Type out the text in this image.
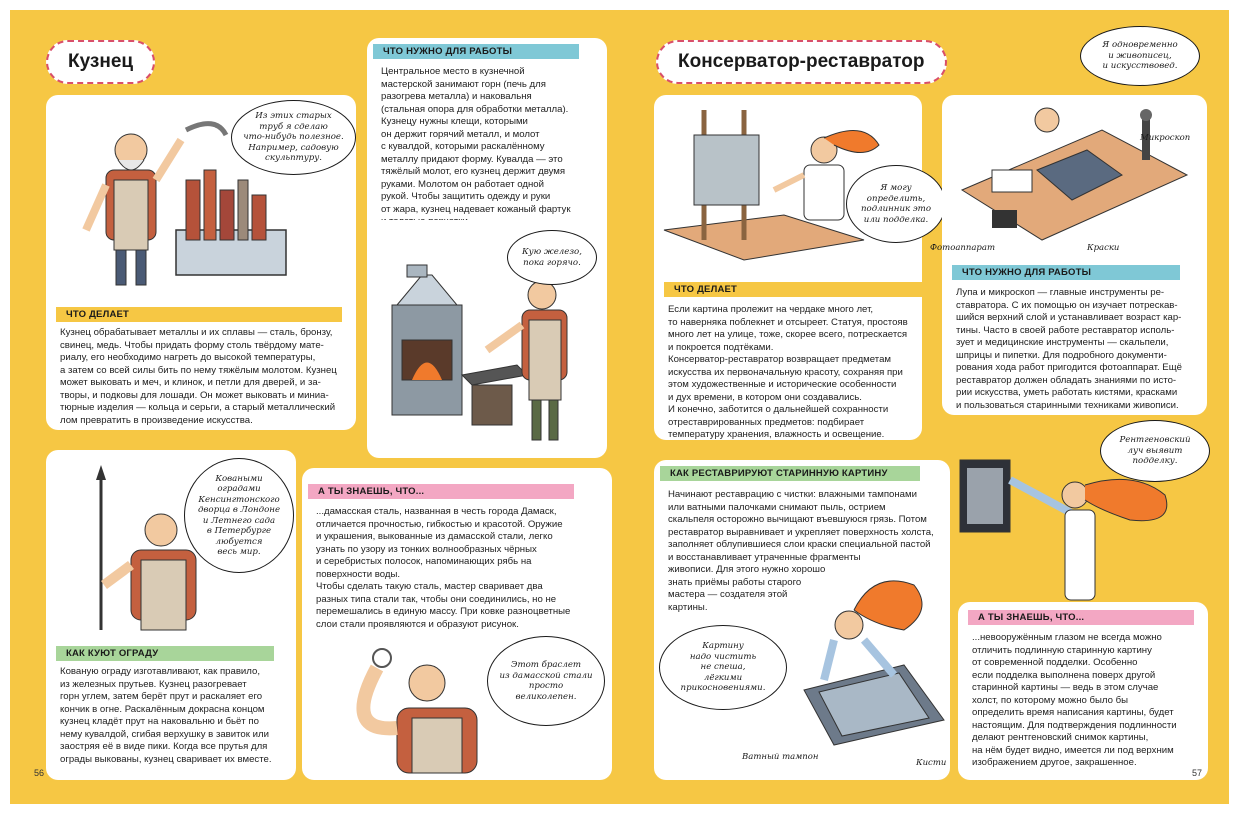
Кузнец	ЧТО НУЖНО ДЛЯ РАБОТЫ
Центральное место в кузнечной
мастерской занимают горн (печь для
разогрева металла) и наковальня
(стальная опора для обработки металла).
Кузнецу нужны клещи, которыми
он держит горячий металл, и молот
с кувалдой, которыми раскалённому
металлу придают форму. Кувалда — это
тяжёлый молот, его кузнец держит двумя
руками. Молотом он работает одной
рукой. Чтобы защитить одежду и руки
от жара, кузнец надевает кожаный фартук

Из этих старых
труб я сделаю
что-нибудь полезное.
Например, садовую
скульптуру.
ЧТО ДЕЛАЕТ
Кузнец обрабатывает металлы и их сплавы — сталь, бронзу,
свинец, медь. Чтобы придать форму столь твёрдому мате-
риалу, его необходимо нагреть до высокой температуры,
а затем со всей силы бить по нему тяжёлым молотом. Кузнец
может выковать и меч, и клинок, и петли для дверей, и за-
творы, и подковы для лошади. Он может выковать и миниа-
тюрные изделия — кольца и серьги, а старый металлический
лом превратить в произведение искусства.
Кую железо,
пока горячо.
Коваными
оградами
Кенсингтонского
дворца в Лондоне
и Летнего сада
в Петербурге
любуется
весь мир.
КАК КУЮТ ОГРАДУ
Кованую ограду изготавливают, как правило,
из железных прутьев. Кузнец разогревает
горн углем, затем берёт прут и раскаляет его
кончик в огне. Раскалённым докрасна концом
кузнец кладёт прут на наковальню и бьёт по
нему кувалдой, сгибая верхушку в завиток или
заостряя её в виде пики. Когда все прутья для
ограды выкованы, кузнец сваривает их вместе.
А ТЫ ЗНАЕШЬ, ЧТО...
...дамасская сталь, названная в честь города Дамаск,
отличается прочностью, гибкостью и красотой. Оружие
и украшения, выкованные из дамасской стали, легко
узнать по узору из тонких волнообразных чёрных
и серебристых полосок, напоминающих рябь на
поверхности воды.
Чтобы сделать такую сталь, мастер сваривает два
разных типа стали так, чтобы они соединились, но не
перемешались в единую массу. При ковке разноцветные
слои стали проявляются и образуют рисунок.
Этот браслет
из дамасской стали
просто
великолепен.
56
Консерватор-реставратор
Я одновременно
и живописец,
и искусствовед.
Я могу
определить,
подлинник это
или подделка.
ЧТО ДЕЛАЕТ
Если картина пролежит на чердаке много лет,
то наверняка поблекнет и отсыреет. Статуя, простояв
много лет на улице, тоже, скорее всего, потрескается
и покроется подтёками.
Консерватор-реставратор возвращает предметам
искусства их первоначальную красоту, сохраняя при
этом художественные и исторические особенности
и дух времени, в котором они создавались.
И конечно, заботится о дальнейшей сохранности
отреставрированных предметов: подбирает
температуру хранения, влажность и освещение.
Микроскоп
Фотоаппарат	Краски
ЧТО НУЖНО ДЛЯ РАБОТЫ
Лупа и микроскоп — главные инструменты ре-
ставратора. С их помощью он изучает потрескав-
шийся верхний слой и устанавливает возраст кар-
тины. Часто в своей работе реставратор исполь-
зует и медицинские инструменты — скальпели,
шприцы и пипетки. Для подробного документи-
рования хода работ пригодится фотоаппарат. Ещё
реставратор должен обладать знаниями по исто-
рии искусства, уметь работать кистями, красками
и пользоваться старинными техниками живописи.
КАК РЕСТАВРИРУЮТ СТАРИННУЮ КАРТИНУ
Начинают реставрацию с чистки: влажными тампонами
или ватными палочками снимают пыль, острием
скальпеля осторожно вычищают въевшуюся грязь. Потом
реставратор выравнивает и укрепляет поверхность холста,
заполняет облупившиеся слои краски специальной пастой
и восстанавливает утраченные фрагменты
живописи. Для этого нужно хорошо
знать приёмы работы старого
мастера — создателя этой
картины.
Картину
надо чистить
не спеша,
лёгкими
прикосновениями.
Ватный тампон
Кисти
Рентгеновский
луч выявит
подделку.
А ТЫ ЗНАЕШЬ, ЧТО...
...невооружённым глазом не всегда можно
отличить подлинную старинную картину
от современной подделки. Особенно
если подделка выполнена поверх другой
старинной картины — ведь в этом случае
холст, по которому можно было бы
определить время написания картины, будет
настоящим. Для подтверждения подлинности
делают рентгеновский снимок картины,
на нём будет видно, имеется ли под верхним
изображением другое, закрашенное.
57
